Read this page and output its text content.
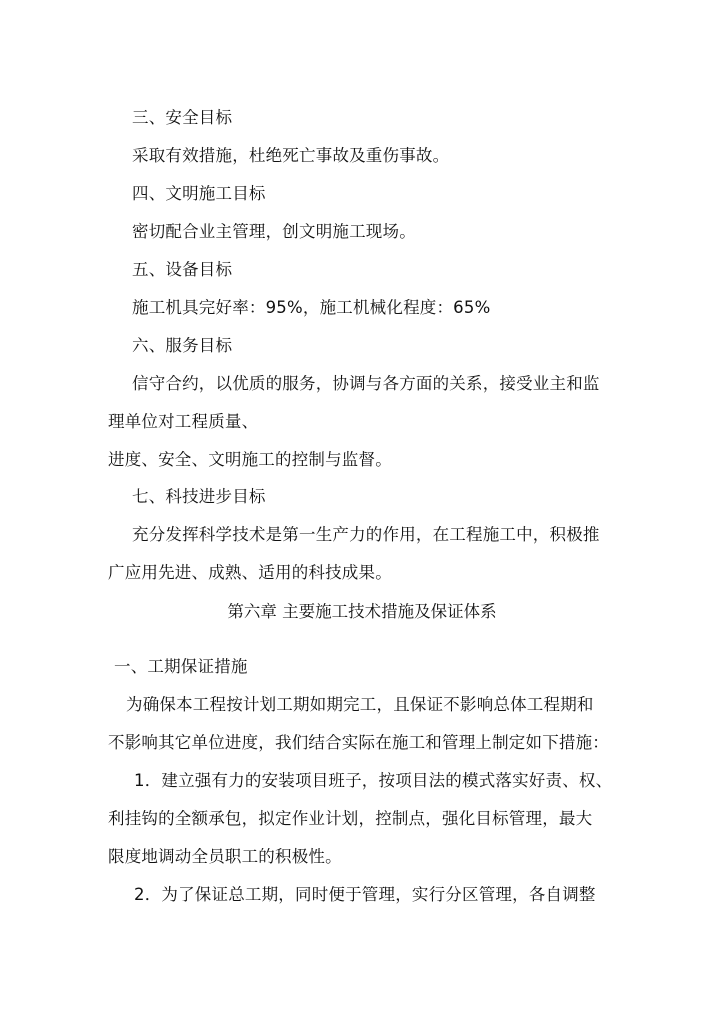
三、安全目标
采取有效措施，杜绝死亡事故及重伤事故。
四、文明施工目标
密切配合业主管理，创文明施工现场。
五、设备目标
施工机具完好率：95%，施工机械化程度：65%
六、服务目标
信守合约，以优质的服务，协调与各方面的关系，接受业主和监
理单位对工程质量、
进度、安全、文明施工的控制与监督。
七、科技进步目标
充分发挥科学技术是第一生产力的作用，在工程施工中，积极推
广应用先进、成熟、适用的科技成果。
第六章 主要施工技术措施及保证体系
一、工期保证措施
为确保本工程按计划工期如期完工，且保证不影响总体工程期和
不影响其它单位进度，我们结合实际在施工和管理上制定如下措施：
1．建立强有力的安装项目班子，按项目法的模式落实好责、权、
利挂钩的全额承包，拟定作业计划，控制点，强化目标管理，最大
限度地调动全员职工的积极性。
2．为了保证总工期，同时便于管理，实行分区管理，各自调整
